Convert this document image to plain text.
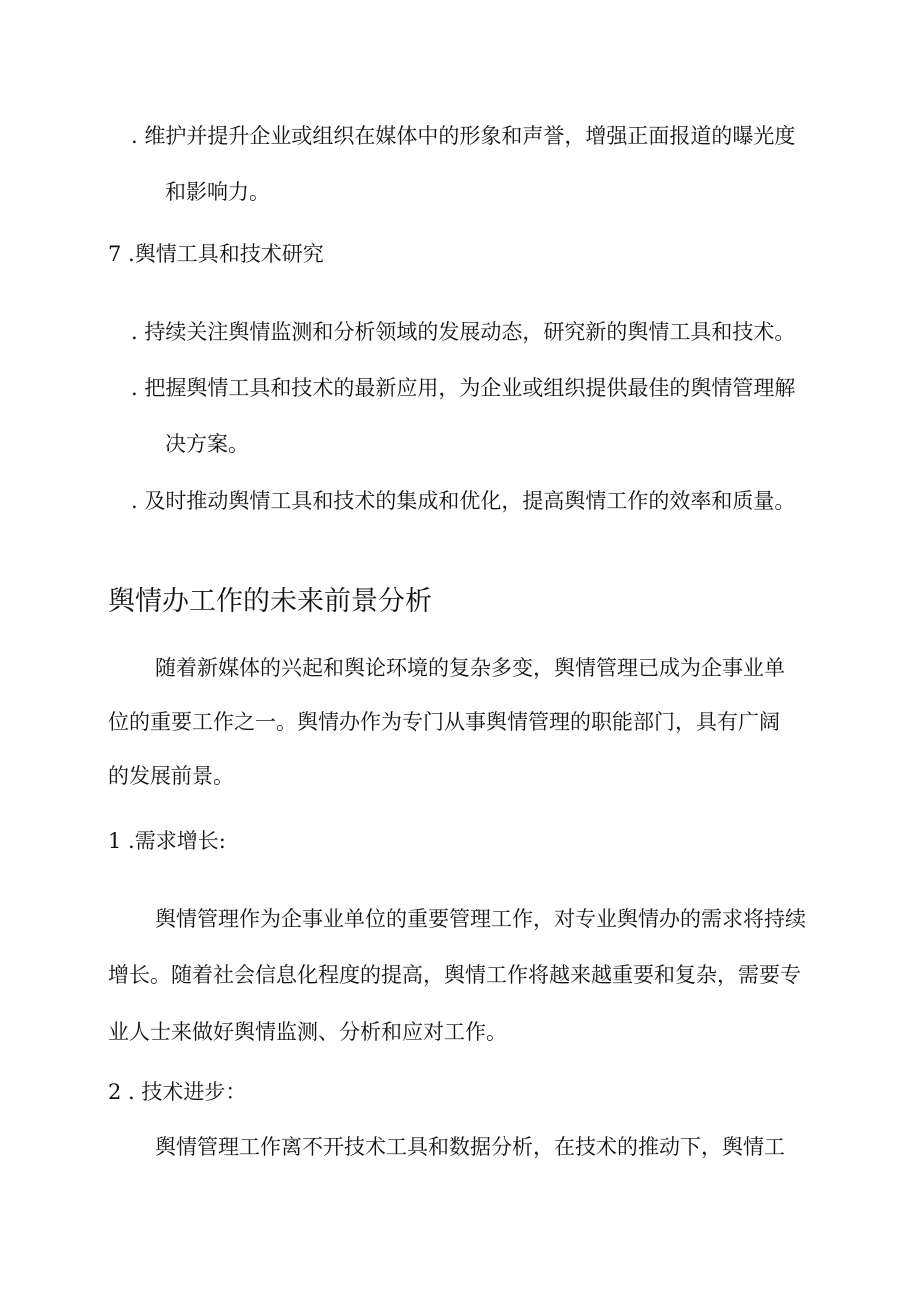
. 维护并提升企业或组织在媒体中的形象和声誉，增强正面报道的曝光度
和影响力。
7 .舆情工具和技术研究
. 持续关注舆情监测和分析领域的发展动态，研究新的舆情工具和技术。
. 把握舆情工具和技术的最新应用，为企业或组织提供最佳的舆情管理解
决方案。
. 及时推动舆情工具和技术的集成和优化，提高舆情工作的效率和质量。
舆情办工作的未来前景分析
随着新媒体的兴起和舆论环境的复杂多变，舆情管理已成为企事业单
位的重要工作之一。舆情办作为专门从事舆情管理的职能部门，具有广阔
的发展前景。
1 .需求增长:
舆情管理作为企事业单位的重要管理工作，对专业舆情办的需求将持续
增长。随着社会信息化程度的提高，舆情工作将越来越重要和复杂，需要专
业人士来做好舆情监测、分析和应对工作。
2 . 技术进步：
舆情管理工作离不开技术工具和数据分析，在技术的推动下，舆情工
